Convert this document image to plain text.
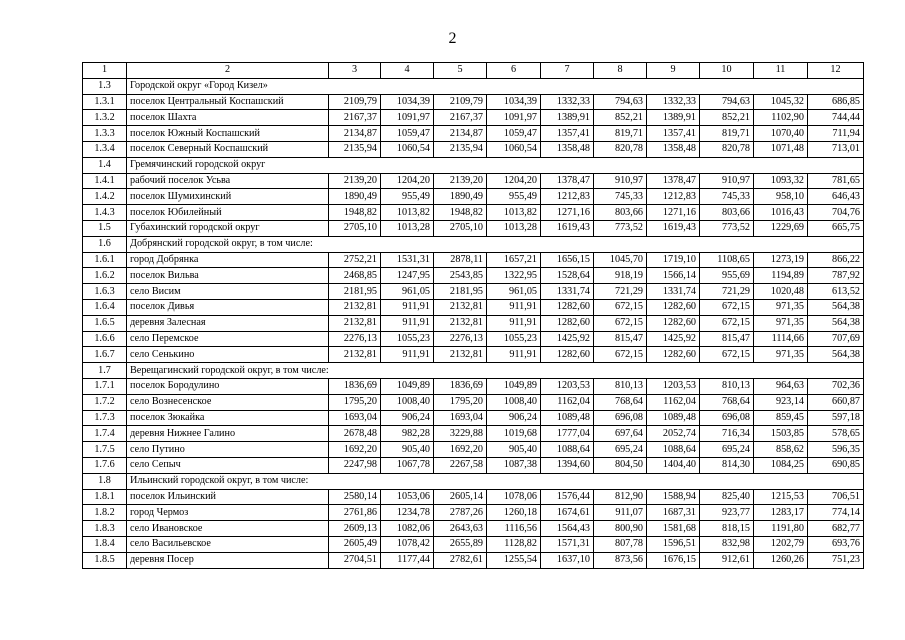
2
1	2	3	4	5	6	7	8	9	10	11	12
1.3	Городской округ «Город Кизел»										
1.3.1	поселок Центральный Коспашский	2109,79	1034,39	2109,79	1034,39	1332,33	794,63	1332,33	794,63	1045,32	686,85
1.3.2	поселок Шахта	2167,37	1091,97	2167,37	1091,97	1389,91	852,21	1389,91	852,21	1102,90	744,44
1.3.3	поселок Южный Коспашский	2134,87	1059,47	2134,87	1059,47	1357,41	819,71	1357,41	819,71	1070,40	711,94
1.3.4	поселок Северный Коспашский	2135,94	1060,54	2135,94	1060,54	1358,48	820,78	1358,48	820,78	1071,48	713,01
1.4	Гремячинский городской округ										
1.4.1	рабочий поселок Усьва	2139,20	1204,20	2139,20	1204,20	1378,47	910,97	1378,47	910,97	1093,32	781,65
1.4.2	поселок Шумихинский	1890,49	955,49	1890,49	955,49	1212,83	745,33	1212,83	745,33	958,10	646,43
1.4.3	поселок Юбилейный	1948,82	1013,82	1948,82	1013,82	1271,16	803,66	1271,16	803,66	1016,43	704,76
1.5	Губахинский городской округ	2705,10	1013,28	2705,10	1013,28	1619,43	773,52	1619,43	773,52	1229,69	665,75
1.6	Добрянский городской округ, в том числе:										
1.6.1	город Добрянка	2752,21	1531,31	2878,11	1657,21	1656,15	1045,70	1719,10	1108,65	1273,19	866,22
1.6.2	поселок Вильва	2468,85	1247,95	2543,85	1322,95	1528,64	918,19	1566,14	955,69	1194,89	787,92
1.6.3	село Висим	2181,95	961,05	2181,95	961,05	1331,74	721,29	1331,74	721,29	1020,48	613,52
1.6.4	поселок Дивья	2132,81	911,91	2132,81	911,91	1282,60	672,15	1282,60	672,15	971,35	564,38
1.6.5	деревня Залесная	2132,81	911,91	2132,81	911,91	1282,60	672,15	1282,60	672,15	971,35	564,38
1.6.6	село Перемское	2276,13	1055,23	2276,13	1055,23	1425,92	815,47	1425,92	815,47	1114,66	707,69
1.6.7	село Сенькино	2132,81	911,91	2132,81	911,91	1282,60	672,15	1282,60	672,15	971,35	564,38
1.7	Верещагинский городской округ, в том числе:										
1.7.1	поселок Бородулино	1836,69	1049,89	1836,69	1049,89	1203,53	810,13	1203,53	810,13	964,63	702,36
1.7.2	село Вознесенское	1795,20	1008,40	1795,20	1008,40	1162,04	768,64	1162,04	768,64	923,14	660,87
1.7.3	поселок Зюкайка	1693,04	906,24	1693,04	906,24	1089,48	696,08	1089,48	696,08	859,45	597,18
1.7.4	деревня Нижнее Галино	2678,48	982,28	3229,88	1019,68	1777,04	697,64	2052,74	716,34	1503,85	578,65
1.7.5	село Путино	1692,20	905,40	1692,20	905,40	1088,64	695,24	1088,64	695,24	858,62	596,35
1.7.6	село Сепыч	2247,98	1067,78	2267,58	1087,38	1394,60	804,50	1404,40	814,30	1084,25	690,85
1.8	Ильинский городской округ, в том числе:										
1.8.1	поселок Ильинский	2580,14	1053,06	2605,14	1078,06	1576,44	812,90	1588,94	825,40	1215,53	706,51
1.8.2	город Чермоз	2761,86	1234,78	2787,26	1260,18	1674,61	911,07	1687,31	923,77	1283,17	774,14
1.8.3	село Ивановское	2609,13	1082,06	2643,63	1116,56	1564,43	800,90	1581,68	818,15	1191,80	682,77
1.8.4	село Васильевское	2605,49	1078,42	2655,89	1128,82	1571,31	807,78	1596,51	832,98	1202,79	693,76
1.8.5	деревня Посер	2704,51	1177,44	2782,61	1255,54	1637,10	873,56	1676,15	912,61	1260,26	751,23
